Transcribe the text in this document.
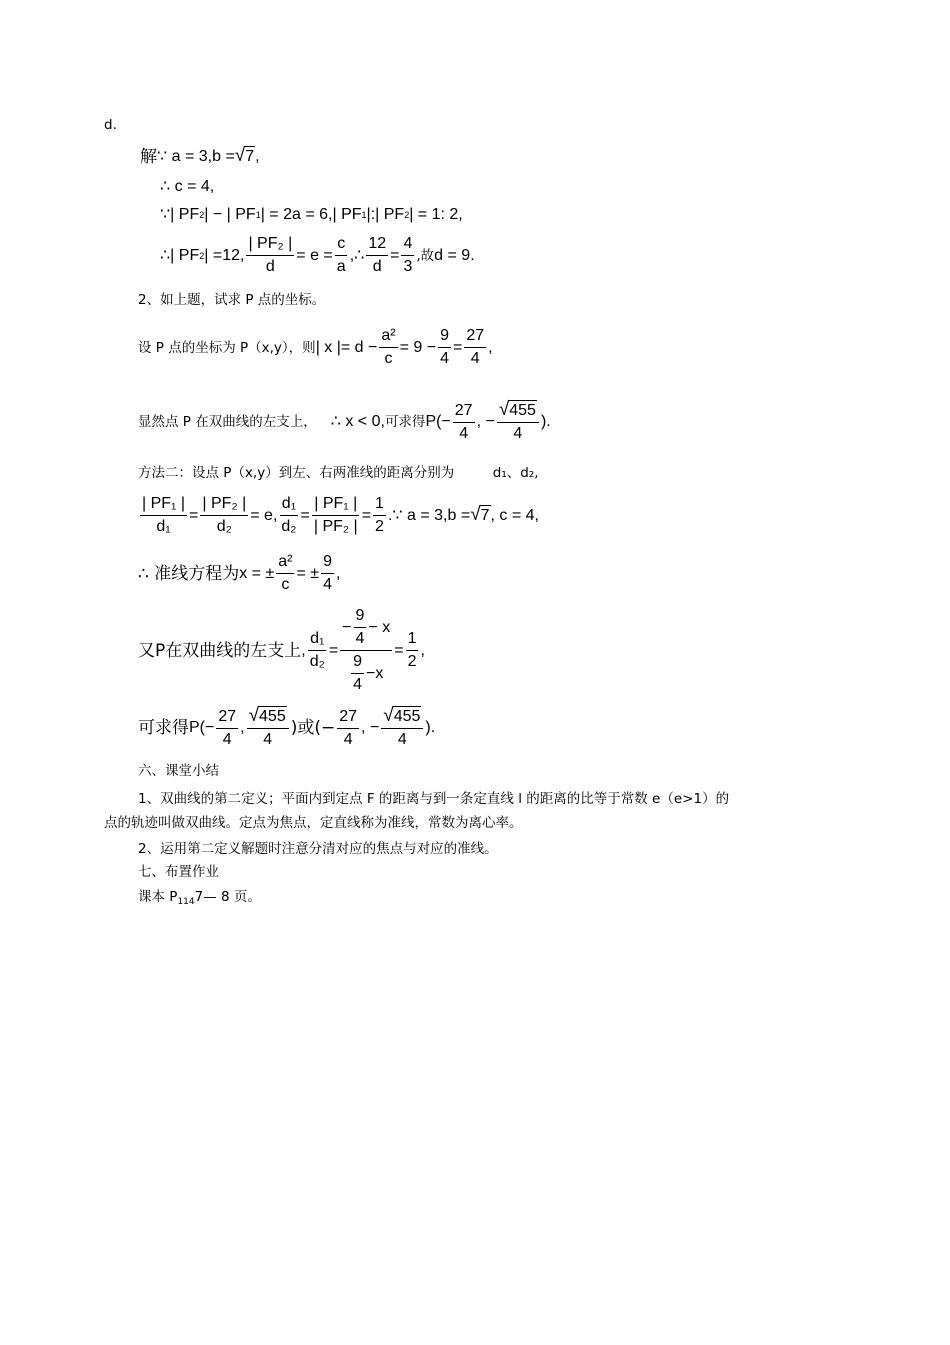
d.
解 ∵ a = 3,b = √ 7 ,
∴ c = 4,
∵| PF 2 | − | PF 1 | = 2a = 6,| PF 1 |:| PF 2 | = 1: 2,
∴| PF 2 | =12, $\frac{\text{| PF₂ |}}{d} = e = \frac{c}{a}$ ,∴ $\frac{12}{d} = \frac{4}{3}$ ,故 d = 9.
2、如上题，试求 P 点的坐标。
设 P 点的坐标为 P（x,y），则 | x |= $d - \frac{\text{a²}}{c} = 9 - \frac{9}{4} = \frac{27}{4}$ ,
显然点 P 在双曲线的左支上， ∴ x < 0, 可求得 $P(- \frac{27}{4}$ , − $\frac{√ 455}{4}$ ).
方法二：设点 P（x,y）到左、右两准线的距离分别为	d₁、d₂,
$\frac{\text{| PF₁ |}}{\text{d₁}} = \frac{\text{| PF₂ |}}{\text{d₂}} = e$, $\frac{\text{d₁}}{\text{d₂}} = \frac{\text{| PF₁ |}}{\text{| PF₂ |}} = \frac{1}{2}$ .∵ a = 3,b = √ 7 , c = 4,
∴ 准线方程为 x = ± $\frac{\text{a²}}{c}$ = ± $\frac{9}{4}$ ,
又P在双曲线的左支上 , $\frac{\text{d₁}}{\text{d₂}} = \frac{- \frac{9}{4} - x}{\frac{9}{4} -x} = \frac{1}{2}$ ,
可求得 $P(- \frac{27}{4}$ , $\frac{√ 455}{4}$ )或(− $\frac{27}{4}$ , − $\frac{√ 455}{4}$ ).
六、课堂小结
1、双曲线的第二定义；平面内到定点 F 的距离与到一条定直线 l 的距离的比等于常数 e（e>1）的
点的轨迹叫做双曲线。定点为焦点，定直线称为准线，常数为离心率。
2、运用第二定义解题时注意分清对应的焦点与对应的准线。
七、布置作业
课本 $P_{114}7—$ 8 页。
